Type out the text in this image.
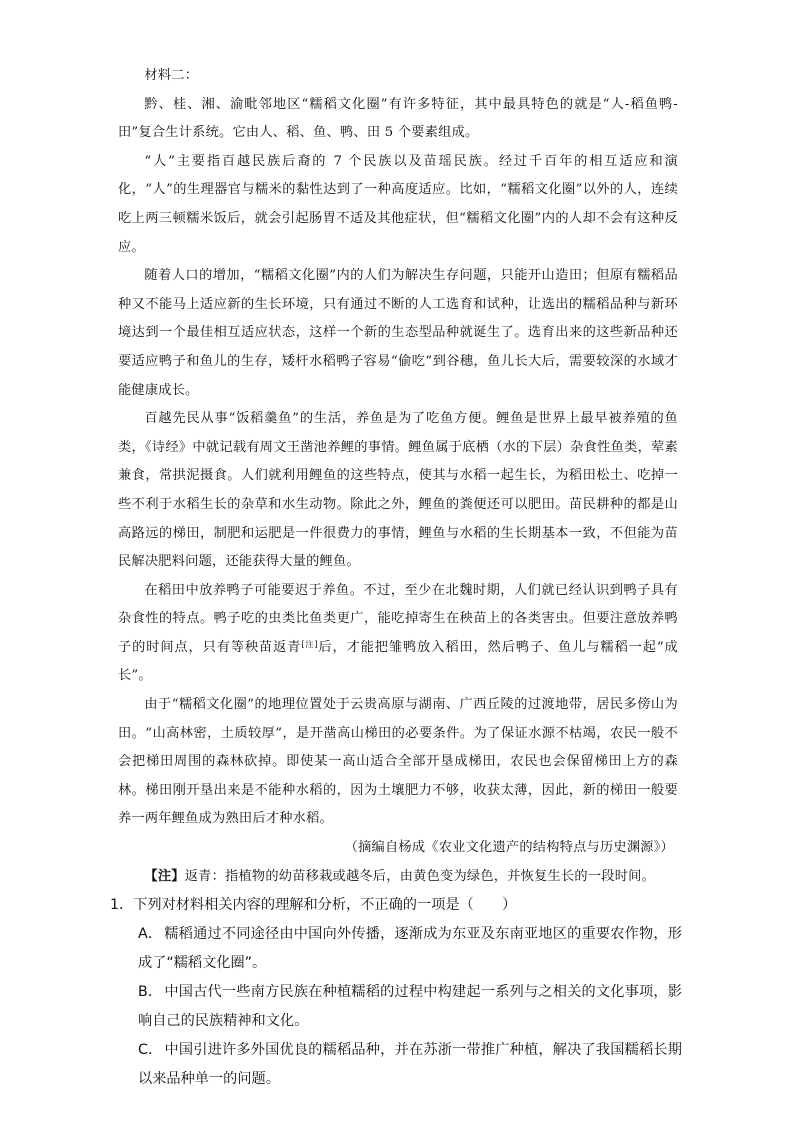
材料二：

黔、桂、湘、渝毗邻地区“糯稻文化圈”有许多特征，其中最具特色的就是“人-稻鱼鸭-田”复合生计系统。它由人、稻、鱼、鸭、田 5 个要素组成。

“人”主要指百越民族后裔的 7 个民族以及苗瑶民族。经过千百年的相互适应和演化，“人”的生理器官与糯米的黏性达到了一种高度适应。比如，“糯稻文化圈”以外的人，连续吃上两三顿糯米饭后，就会引起肠胃不适及其他症状，但“糯稻文化圈”内的人却不会有这种反应。

随着人口的增加，“糯稻文化圈”内的人们为解决生存问题，只能开山造田；但原有糯稻品种又不能马上适应新的生长环境，只有通过不断的人工选育和试种，让选出的糯稻品种与新环境达到一个最佳相互适应状态，这样一个新的生态型品种就诞生了。选育出来的这些新品种还要适应鸭子和鱼儿的生存，矮杆水稻鸭子容易“偷吃”到谷穗，鱼儿长大后，需要较深的水域才能健康成长。

百越先民从事“饭稻羹鱼”的生活，养鱼是为了吃鱼方便。鲤鱼是世界上最早被养殖的鱼类，《诗经》中就记载有周文王凿池养鲤的事情。鲤鱼属于底栖（水的下层）杂食性鱼类，荤素兼食，常拱泥摄食。人们就利用鲤鱼的这些特点，使其与水稻一起生长，为稻田松土、吃掉一些不利于水稻生长的杂草和水生动物。除此之外，鲤鱼的粪便还可以肥田。苗民耕种的都是山高路远的梯田，制肥和运肥是一件很费力的事情，鲤鱼与水稻的生长期基本一致，不但能为苗民解决肥料问题，还能获得大量的鲤鱼。

在稻田中放养鸭子可能要迟于养鱼。不过，至少在北魏时期，人们就已经认识到鸭子具有杂食性的特点。鸭子吃的虫类比鱼类更广，能吃掉寄生在秧苗上的各类害虫。但要注意放养鸭子的时间点，只有等秧苗返青[注]后，才能把雏鸭放入稻田，然后鸭子、鱼儿与糯稻一起“成长”。

由于“糯稻文化圈”的地理位置处于云贵高原与湖南、广西丘陵的过渡地带，居民多傍山为田。“山高林密，土质较厚”，是开凿高山梯田的必要条件。为了保证水源不枯竭，农民一般不会把梯田周围的森林砍掉。即使某一高山适合全部开垦成梯田，农民也会保留梯田上方的森林。梯田刚开垦出来是不能种水稻的，因为土壤肥力不够，收获太薄，因此，新的梯田一般要养一两年鲤鱼成为熟田后才种水稻。

（摘编自杨成《农业文化遗产的结构特点与历史渊源》）

【注】返青：指植物的幼苗移栽或越冬后，由黄色变为绿色，并恢复生长的一段时间。

1．下列对材料相关内容的理解和分析，不正确的一项是（　　）

A． 糯稻通过不同途径由中国向外传播，逐渐成为东亚及东南亚地区的重要农作物，形成了“糯稻文化圈”。

B． 中国古代一些南方民族在种植糯稻的过程中构建起一系列与之相关的文化事项，影响自己的民族精神和文化。

C． 中国引进许多外国优良的糯稻品种，并在苏浙一带推广种植，解决了我国糯稻长期以来品种单一的问题。
